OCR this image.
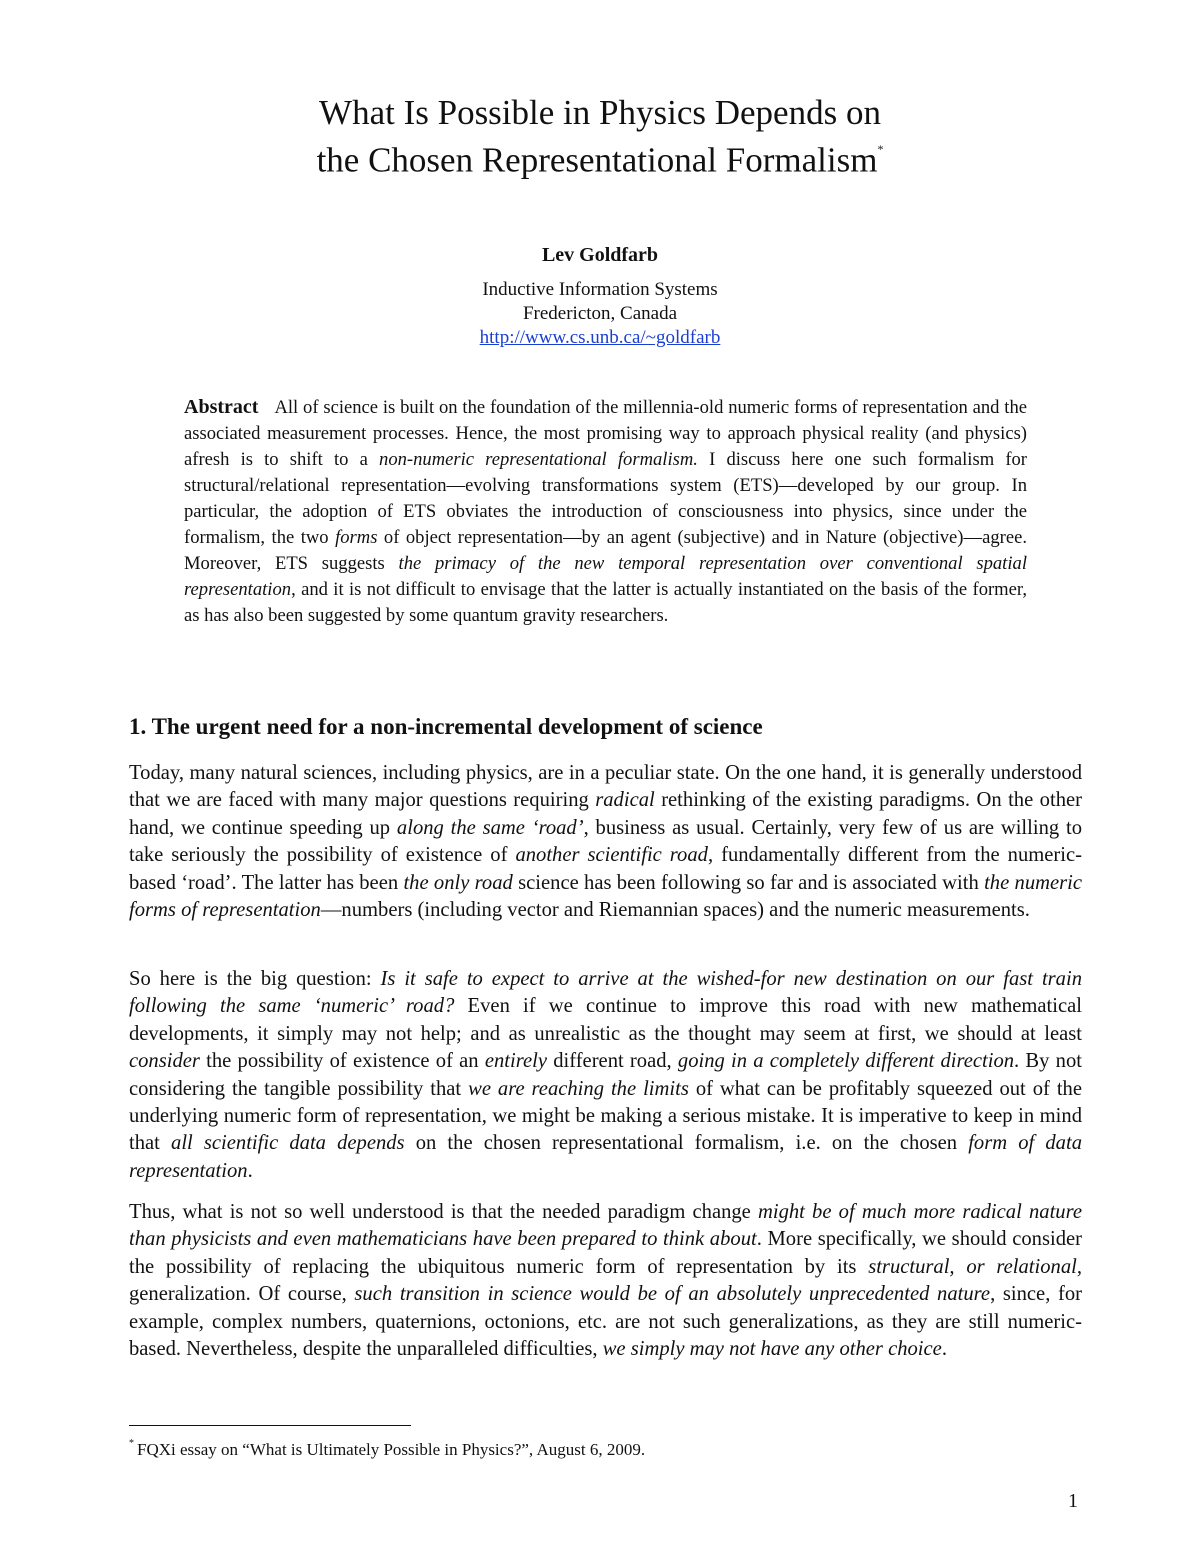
What Is Possible in Physics Depends on
the Chosen Representational Formalism*
Lev Goldfarb
Inductive Information Systems
Fredericton, Canada
http://www.cs.unb.ca/~goldfarb
Abstract All of science is built on the foundation of the millennia-old numeric forms of representation and the associated measurement processes. Hence, the most promising way to approach physical reality (and physics) afresh is to shift to a non-numeric representational formalism. I discuss here one such formalism for structural/relational representation—evolving transformations system (ETS)—developed by our group. In particular, the adoption of ETS obviates the introduction of consciousness into physics, since under the formalism, the two forms of object representation—by an agent (subjective) and in Nature (objective)—agree. Moreover, ETS suggests the primacy of the new temporal representation over conventional spatial representation, and it is not difficult to envisage that the latter is actually instantiated on the basis of the former, as has also been suggested by some quantum gravity researchers.
1. The urgent need for a non-incremental development of science

Today, many natural sciences, including physics, are in a peculiar state. On the one hand, it is generally understood that we are faced with many major questions requiring radical rethinking of the existing paradigms. On the other hand, we continue speeding up along the same ‘road’, business as usual. Certainly, very few of us are willing to take seriously the possibility of existence of another scientific road, fundamentally different from the numeric-based ‘road’. The latter has been the only road science has been following so far and is associated with the numeric forms of representation—numbers (including vector and Riemannian spaces) and the numeric measurements.

So here is the big question: Is it safe to expect to arrive at the wished-for new destination on our fast train following the same ‘numeric’ road? Even if we continue to improve this road with new mathematical developments, it simply may not help; and as unrealistic as the thought may seem at first, we should at least consider the possibility of existence of an entirely different road, going in a completely different direction. By not considering the tangible possibility that we are reaching the limits of what can be profitably squeezed out of the underlying numeric form of representation, we might be making a serious mistake. It is imperative to keep in mind that all scientific data depends on the chosen representational formalism, i.e. on the chosen form of data representation.

Thus, what is not so well understood is that the needed paradigm change might be of much more radical nature than physicists and even mathematicians have been prepared to think about. More specifically, we should consider the possibility of replacing the ubiquitous numeric form of representation by its structural, or relational, generalization. Of course, such transition in science would be of an absolutely unprecedented nature, since, for example, complex numbers, quaternions, octonions, etc. are not such generalizations, as they are still numeric-based. Nevertheless, despite the unparalleled difficulties, we simply may not have any other choice.

* FQXi essay on “What is Ultimately Possible in Physics?”, August 6, 2009.
1
